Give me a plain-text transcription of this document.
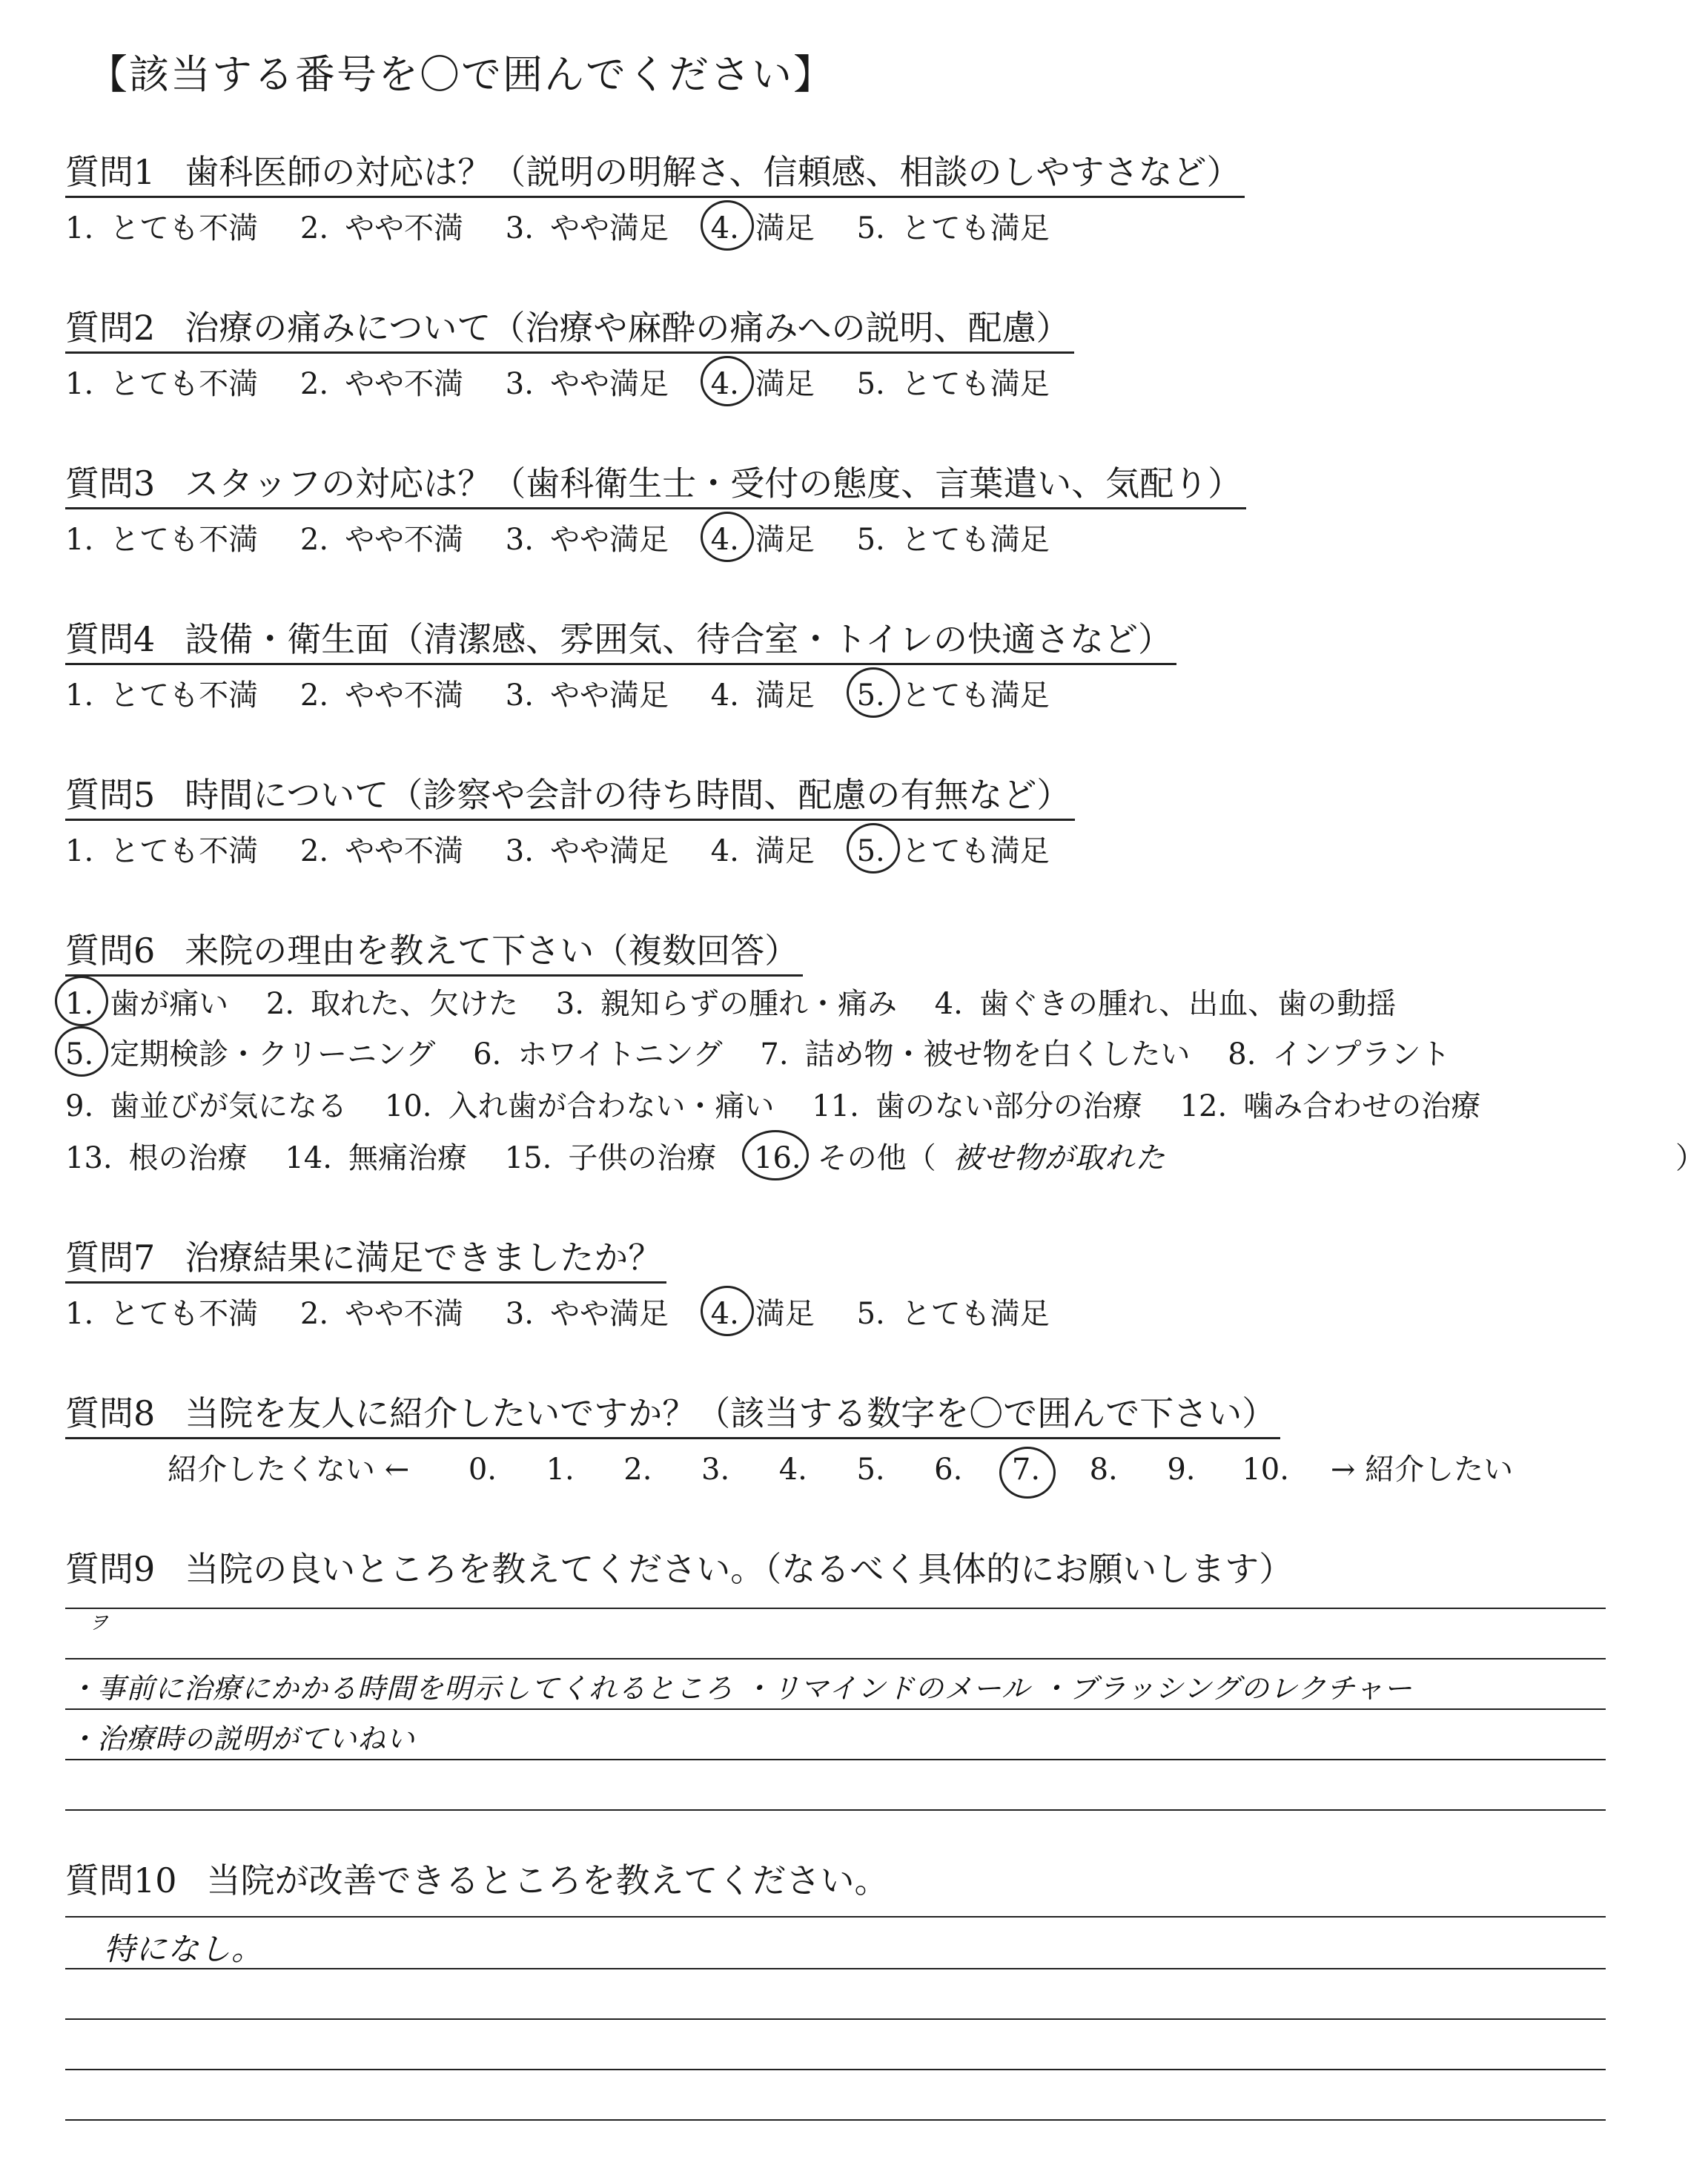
【該当する番号を〇で囲んでください】
質問1 歯科医師の対応は？（説明の明解さ、信頼感、相談のしやすさなど）
1. とても不満 2. やや不満 3. やや満足 4. 満足 5. とても満足
質問2 治療の痛みについて（治療や麻酔の痛みへの説明、配慮）
1. とても不満 2. やや不満 3. やや満足 4. 満足 5. とても満足
質問3 スタッフの対応は？（歯科衛生士・受付の態度、言葉遣い、気配り）
1. とても不満 2. やや不満 3. やや満足 4. 満足 5. とても満足
質問4 設備・衛生面（清潔感、雰囲気、待合室・トイレの快適さなど）
1. とても不満 2. やや不満 3. やや満足 4. 満足 5. とても満足
質問5 時間について（診察や会計の待ち時間、配慮の有無など）
1. とても不満 2. やや不満 3. やや満足 4. 満足 5. とても満足
質問6 来院の理由を教えて下さい（複数回答）
1. 歯が痛い 2. 取れた、欠けた 3. 親知らずの腫れ・痛み 4. 歯ぐきの腫れ、出血、歯の動揺
5. 定期検診・クリーニング 6. ホワイトニング 7. 詰め物・被せ物を白くしたい 8. インプラント
9. 歯並びが気になる 10. 入れ歯が合わない・痛い 11. 歯のない部分の治療 12. 噛み合わせの治療
13. 根の治療 14. 無痛治療 15. 子供の治療 16. その他（ 被せ物が取れた	）
質問7 治療結果に満足できましたか？
1. とても不満 2. やや不満 3. やや満足 4. 満足 5. とても満足
質問8 当院を友人に紹介したいですか？（該当する数字を〇で囲んで下さい）
紹介したくない ← 0. 1. 2. 3. 4. 5. 6. 7. 8. 9. 10. → 紹介したい
質問9 当院の良いところを教えてください。（なるべく具体的にお願いします）
ヲ
・事前に治療にかかる時間を明示してくれるところ ・リマインドのメール ・ブラッシングのレクチャー
・治療時の説明がていねい
質問10 当院が改善できるところを教えてください。
特になし。
